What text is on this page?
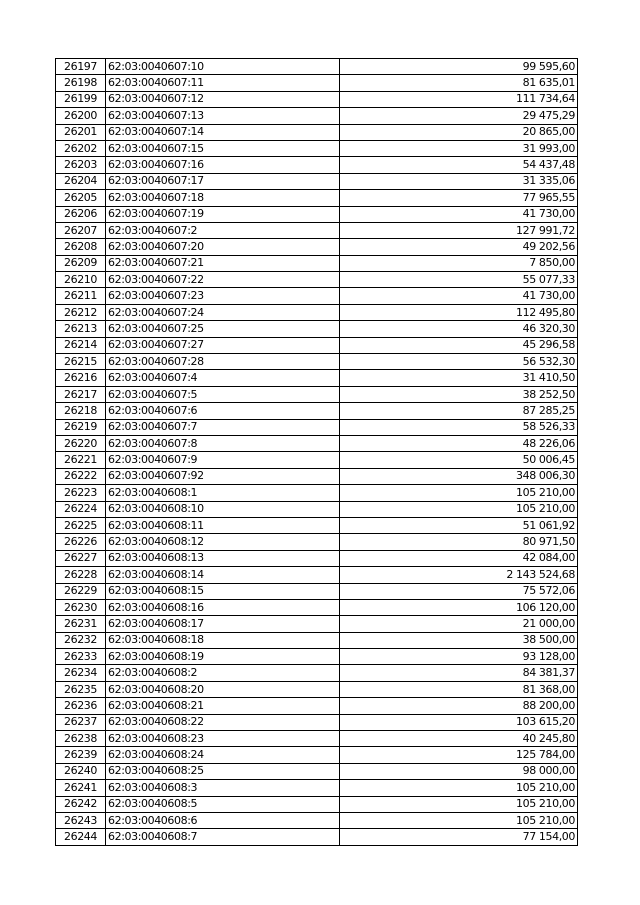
26197	62:03:0040607:10	99 595,60
26198	62:03:0040607:11	81 635,01
26199	62:03:0040607:12	111 734,64
26200	62:03:0040607:13	29 475,29
26201	62:03:0040607:14	20 865,00
26202	62:03:0040607:15	31 993,00
26203	62:03:0040607:16	54 437,48
26204	62:03:0040607:17	31 335,06
26205	62:03:0040607:18	77 965,55
26206	62:03:0040607:19	41 730,00
26207	62:03:0040607:2	127 991,72
26208	62:03:0040607:20	49 202,56
26209	62:03:0040607:21	7 850,00
26210	62:03:0040607:22	55 077,33
26211	62:03:0040607:23	41 730,00
26212	62:03:0040607:24	112 495,80
26213	62:03:0040607:25	46 320,30
26214	62:03:0040607:27	45 296,58
26215	62:03:0040607:28	56 532,30
26216	62:03:0040607:4	31 410,50
26217	62:03:0040607:5	38 252,50
26218	62:03:0040607:6	87 285,25
26219	62:03:0040607:7	58 526,33
26220	62:03:0040607:8	48 226,06
26221	62:03:0040607:9	50 006,45
26222	62:03:0040607:92	348 006,30
26223	62:03:0040608:1	105 210,00
26224	62:03:0040608:10	105 210,00
26225	62:03:0040608:11	51 061,92
26226	62:03:0040608:12	80 971,50
26227	62:03:0040608:13	42 084,00
26228	62:03:0040608:14	2 143 524,68
26229	62:03:0040608:15	75 572,06
26230	62:03:0040608:16	106 120,00
26231	62:03:0040608:17	21 000,00
26232	62:03:0040608:18	38 500,00
26233	62:03:0040608:19	93 128,00
26234	62:03:0040608:2	84 381,37
26235	62:03:0040608:20	81 368,00
26236	62:03:0040608:21	88 200,00
26237	62:03:0040608:22	103 615,20
26238	62:03:0040608:23	40 245,80
26239	62:03:0040608:24	125 784,00
26240	62:03:0040608:25	98 000,00
26241	62:03:0040608:3	105 210,00
26242	62:03:0040608:5	105 210,00
26243	62:03:0040608:6	105 210,00
26244	62:03:0040608:7	77 154,00
